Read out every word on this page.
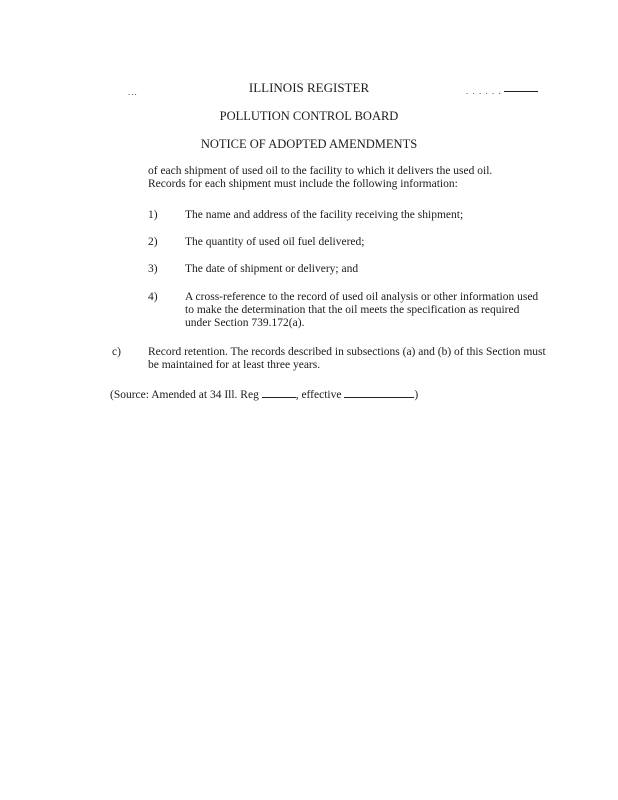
...	. . . . . .
ILLINOIS REGISTER
POLLUTION CONTROL BOARD
NOTICE OF ADOPTED AMENDMENTS
of each shipment of used oil to the facility to which it delivers the used oil.
Records for each shipment must include the following information:
1) The name and address of the facility receiving the shipment;
2) The quantity of used oil fuel delivered;
3) The date of shipment or delivery; and
4) A cross-reference to the record of used oil analysis or other information used to make the determination that the oil meets the specification as required under Section 739.172(a).
c) Record retention. The records described in subsections (a) and (b) of this Section must be maintained for at least three years.
(Source: Amended at 34 Ill. Reg	, effective	)
